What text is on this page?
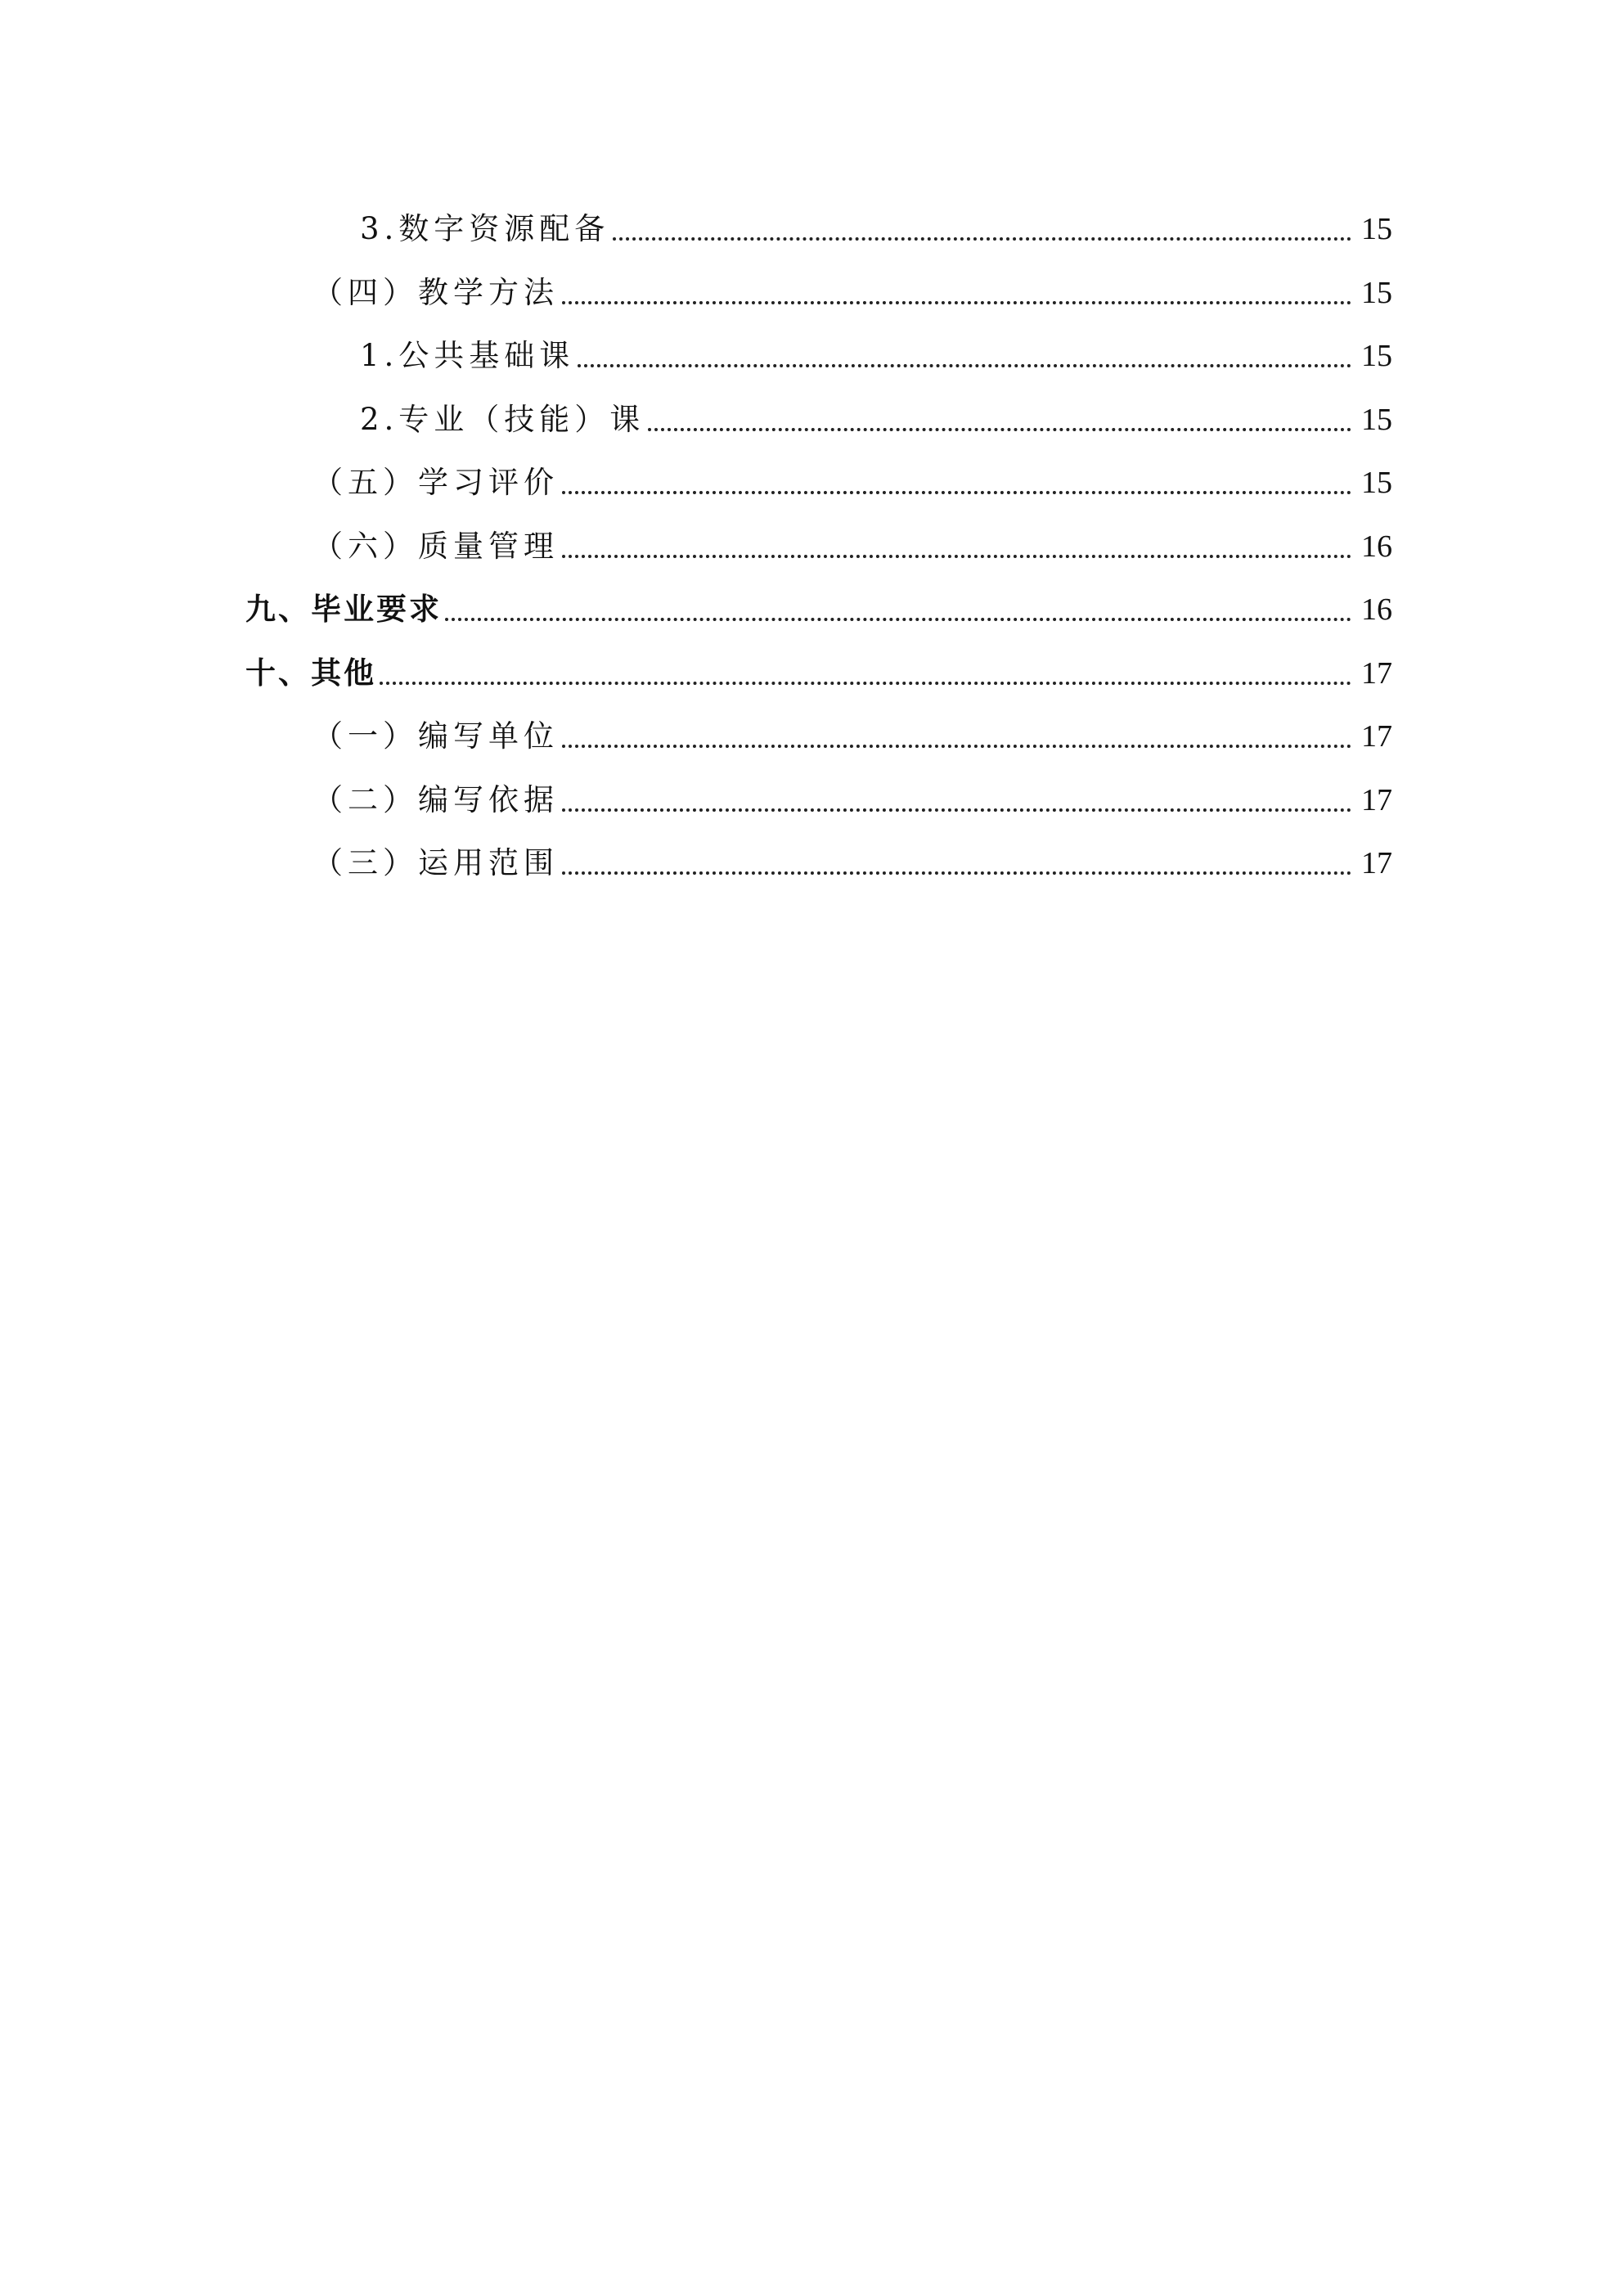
3.数字资源配备	15
（四）教学方法	15
1.公共基础课	15
2.专业（技能）课	15
（五）学习评价	15
（六）质量管理	16
九、毕业要求	16
十、其他	17
（一）编写单位	17
（二）编写依据	17
（三）运用范围	17
